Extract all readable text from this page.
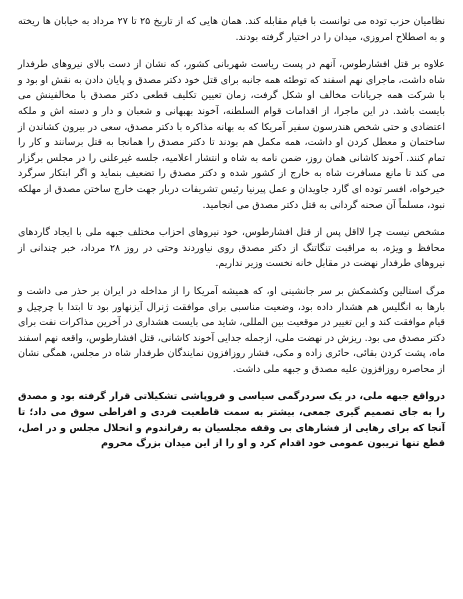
نظامیان حزب توده می توانست با قیام مقابله کند. همان هایی که از تاریخ ۲۵ تا ۲۷ مرداد به خیابان ها ریخته و به اصطلاح امروزی، میدان را در اختیار گرفته بودند.

علاوه بر قتل افشارطوس، آنهم در پست ریاست شهربانی کشور، که نشان از دست بالای نیروهای طرفدار شاه داشت، ماجرای نهم اسفند که توطئه همه جانبه برای قتل خود دکتر مصدق و پایان دادن به نقش او بود و با شرکت همه جریانات مخالف او شکل گرفت، زمان تعیین تکلیف قطعی دکتر مصدق با مخالفینش می بایست باشد. در این ماجرا، از اقدامات قوام السلطنه، آخوند بهبهانی و شعبان و دار و دسته اش و ملکه اعتضادی و حتی شخص هندرسون سفیر آمریکا که به بهانه مذاکره با دکتر مصدق، سعی در بیرون کشاندن از ساختمان و معطل کردن او داشت، همه مکمل هم بودند تا دکتر مصدق را همانجا به قتل برسانند و کار را تمام کنند. آخوند کاشانی همان روز، ضمن نامه به شاه و انتشار اعلامیه، جلسه غیرعلنی را در مجلس برگزار می کند تا مانع مسافرت شاه به خارج از کشور شده و دکتر مصدق را تضعیف بنماید و اگر ابتکار سرگرد خیرخواه، افسر توده ای گارد جاویدان و عمل پیرنیا رئیس تشریفات دربار جهت خارج ساختن مصدق از مهلکه نبود، مسلماً آن صحنه گردانی به قتل دکتر مصدق می انجامید.

مشخص نیست چرا لااقل پس از قتل افشارطوس، خود نیروهای احزاب مختلف جبهه ملی با ایجاد گاردهای محافظ و ویژه، به مراقبت تنگاتنگ از دکتر مصدق روی نیاوردند وحتی در روز ۲۸ مرداد، خبر چندانی از نیروهای طرفدار نهضت در مقابل خانه نخست وزیر نداریم.

مرگ استالین وکشمکش بر سر جانشینی او، که همیشه آمریکا را از مداخله در ایران بر حذر می داشت و بارها به انگلیس هم هشدار داده بود، وضعیت مناسبی برای موافقت ژنرال آیزنهاور بود تا ابتدا با چرچیل و قیام موافقت کند و این تغییر در موقعیت بین المللی، شاید می بایست هشداری در آخرین مذاکرات نفت برای دکتر مصدق می بود. ریزش در نهضت ملی، ازجمله جدایی آخوند کاشانی، قتل افشارطوس، واقعه نهم اسفند ماه، پشت کردن بقائی، حائری زاده و مکی، فشار روزافزون نمایندگان طرفدار شاه در مجلس، همگی نشان از محاصره روزافزون علیه مصدق و جبهه ملی داشت.

درواقع جبهه ملی، در یک سردرگمی سیاسی و فروپاشی تشکیلاتی قرار گرفته بود و مصدق را به جای تصمیم گیری جمعی، بیشتر به سمت قاطعیت فردی و افراطی سوق می داد؛ تا آنجا که برای رهایی از فشارهای بی وقفه مجلسیان به رفراندوم و انحلال مجلس و در اصل، قطع تنها تریبون عمومی خود اقدام کرد و او را از این میدان بزرگ محروم
